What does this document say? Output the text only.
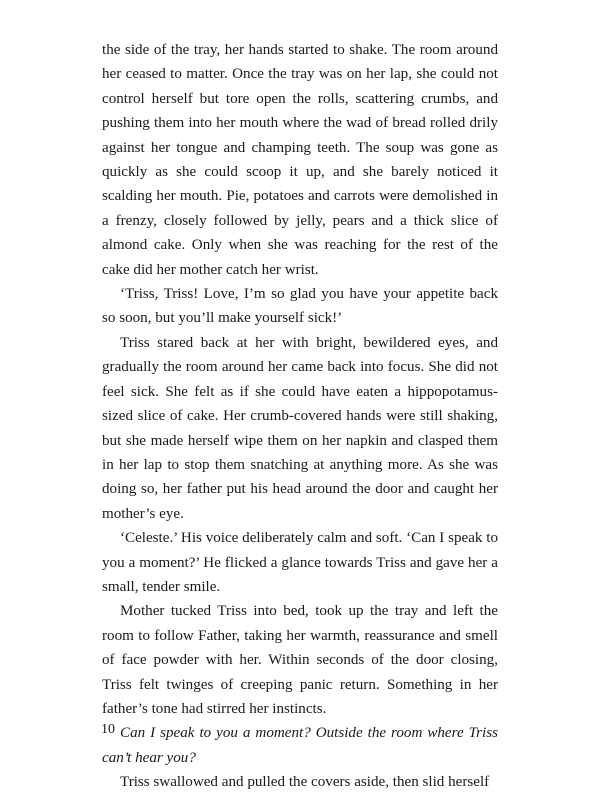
the side of the tray, her hands started to shake. The room around her ceased to matter. Once the tray was on her lap, she could not control herself but tore open the rolls, scattering crumbs, and pushing them into her mouth where the wad of bread rolled drily against her tongue and champing teeth. The soup was gone as quickly as she could scoop it up, and she barely noticed it scalding her mouth. Pie, potatoes and carrots were demolished in a frenzy, closely followed by jelly, pears and a thick slice of almond cake. Only when she was reaching for the rest of the cake did her mother catch her wrist.

‘Triss, Triss! Love, I’m so glad you have your appetite back so soon, but you’ll make yourself sick!’

Triss stared back at her with bright, bewildered eyes, and gradually the room around her came back into focus. She did not feel sick. She felt as if she could have eaten a hippopotamus-sized slice of cake. Her crumb-covered hands were still shaking, but she made herself wipe them on her napkin and clasped them in her lap to stop them snatching at anything more. As she was doing so, her father put his head around the door and caught her mother’s eye.

‘Celeste.’ His voice deliberately calm and soft. ‘Can I speak to you a moment?’ He flicked a glance towards Triss and gave her a small, tender smile.

Mother tucked Triss into bed, took up the tray and left the room to follow Father, taking her warmth, reassurance and smell of face powder with her. Within seconds of the door closing, Triss felt twinges of creeping panic return. Something in her father’s tone had stirred her instincts.

Can I speak to you a moment? Outside the room where Triss can’t hear you?

Triss swallowed and pulled the covers aside, then slid herself

10
